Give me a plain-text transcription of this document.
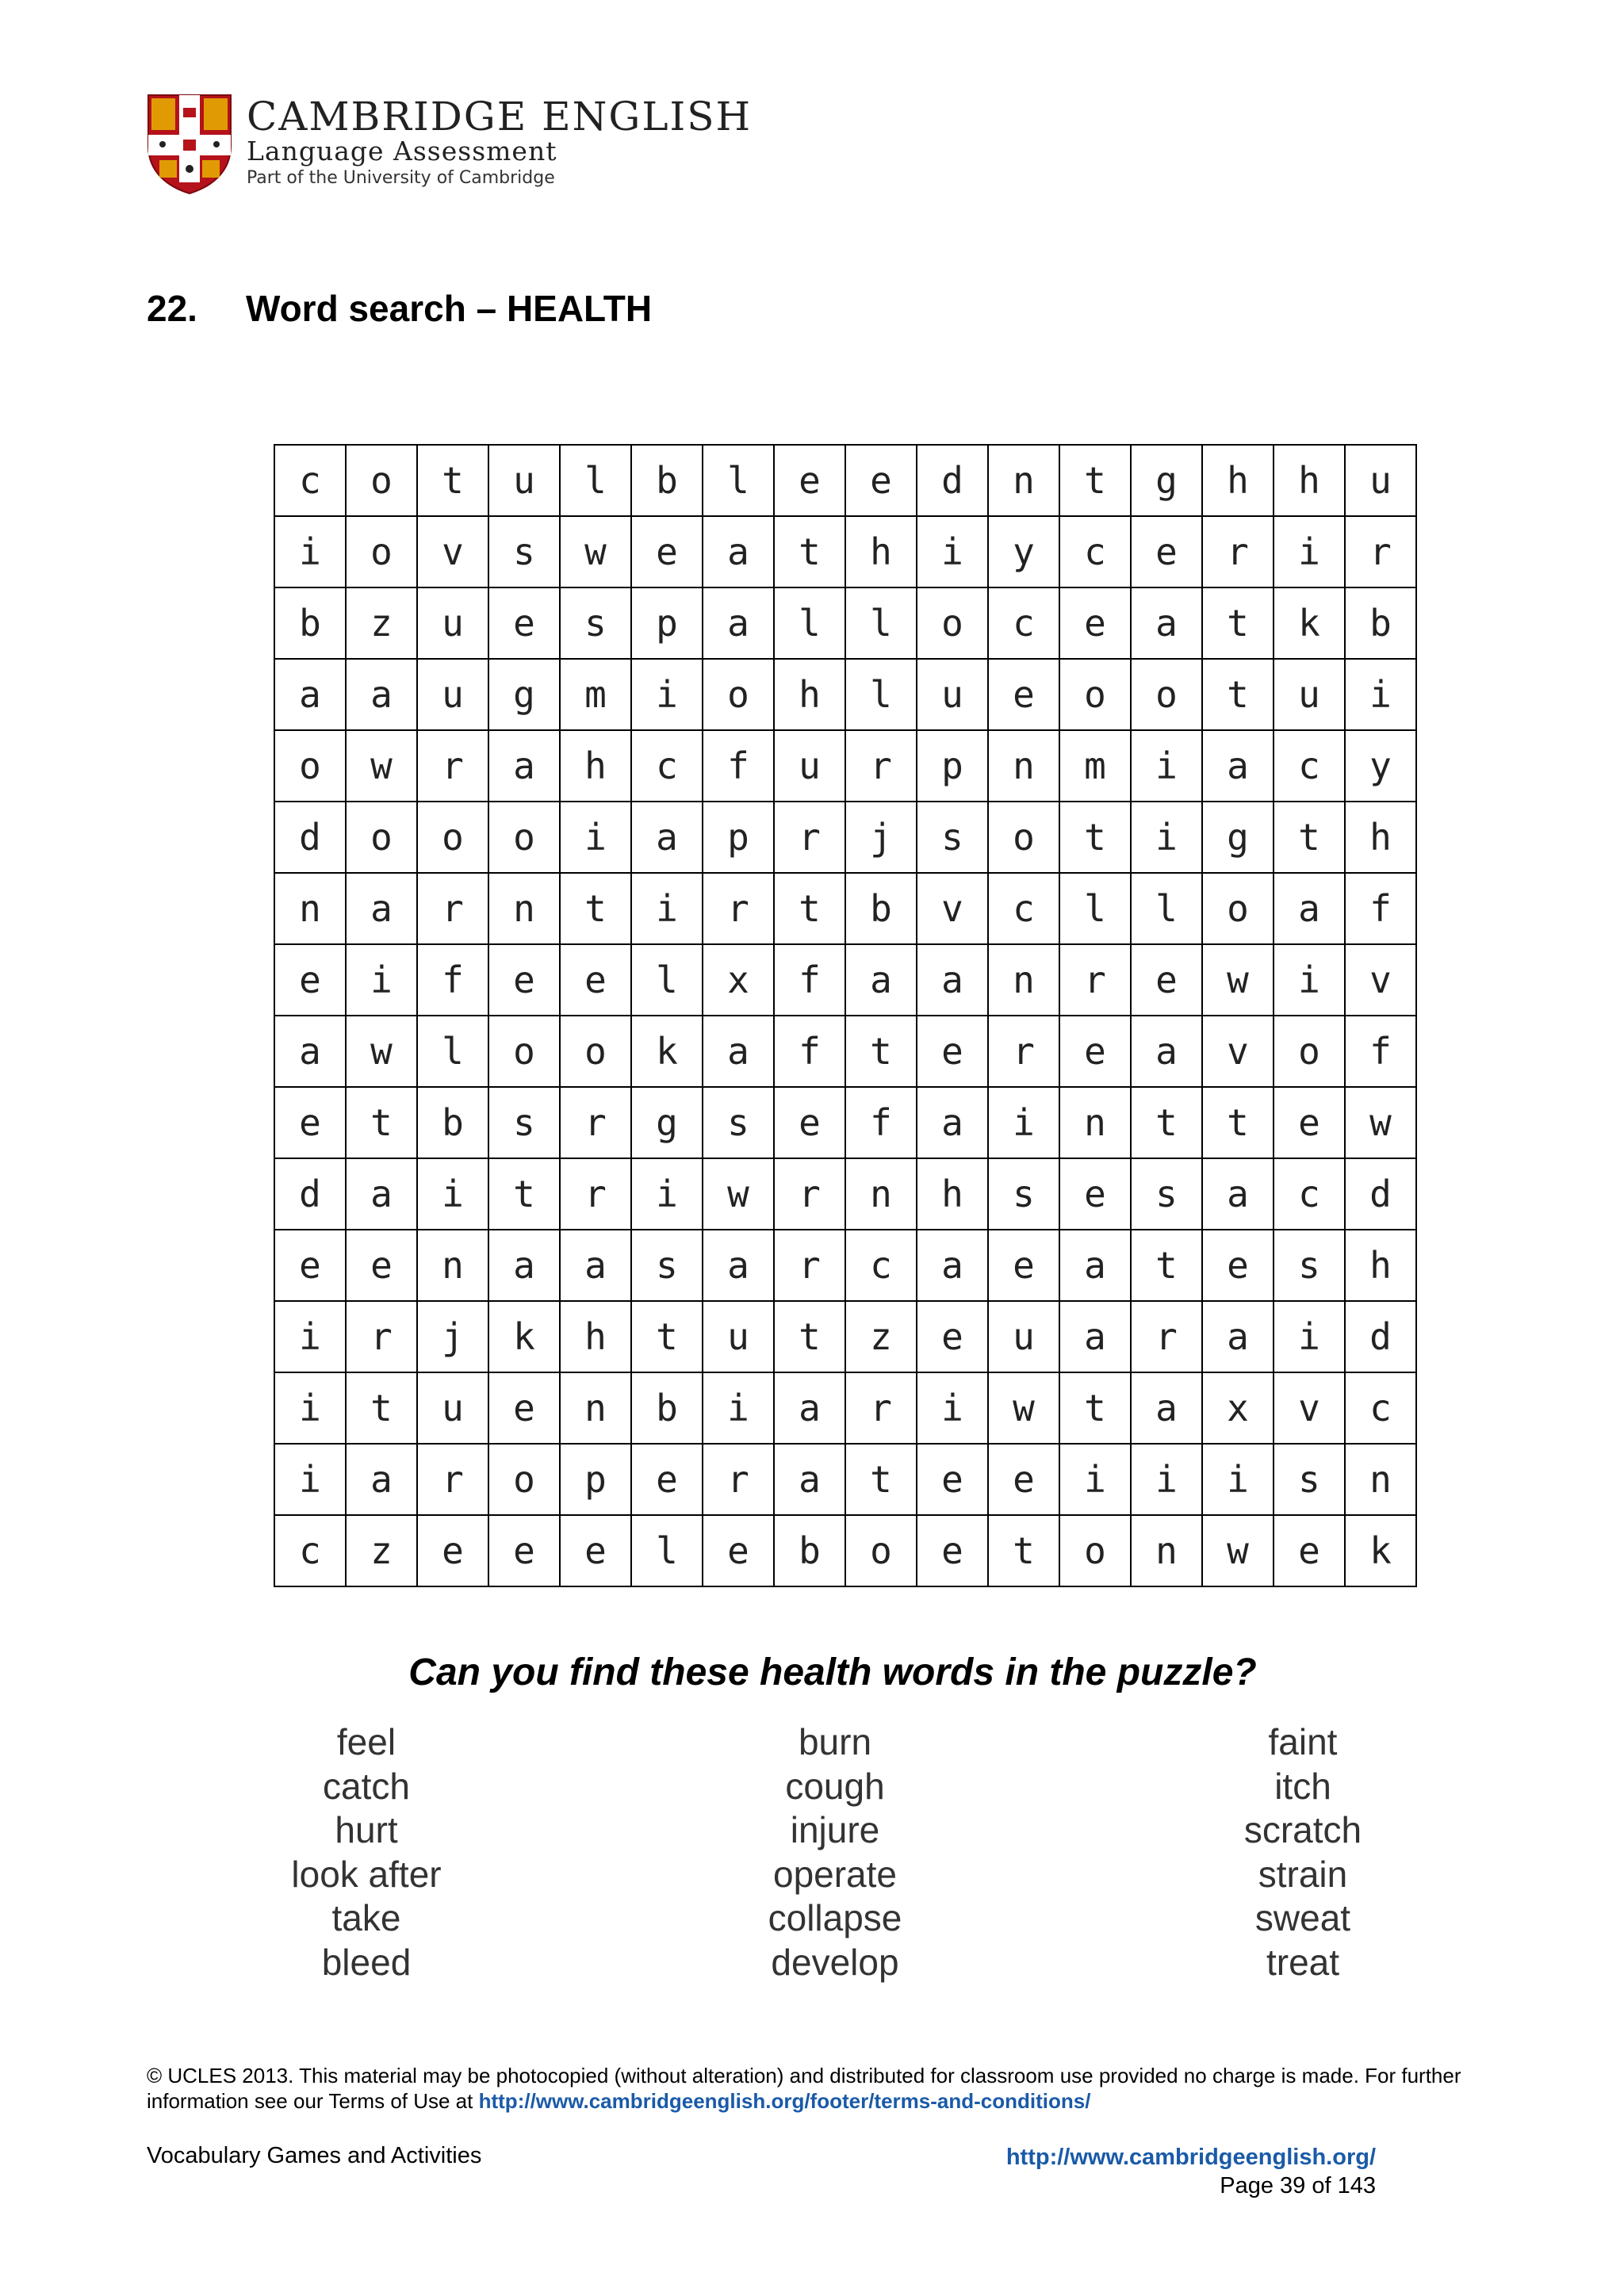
CAMBRIDGE ENGLISH
Language Assessment
Part of the University of Cambridge
22. Word search – HEALTH
c	o	t	u	l	b	l	e	e	d	n	t	g	h	h	u
i	o	v	s	w	e	a	t	h	i	y	c	e	r	i	r
b	z	u	e	s	p	a	l	l	o	c	e	a	t	k	b
a	a	u	g	m	i	o	h	l	u	e	o	o	t	u	i
o	w	r	a	h	c	f	u	r	p	n	m	i	a	c	y
d	o	o	o	i	a	p	r	j	s	o	t	i	g	t	h
n	a	r	n	t	i	r	t	b	v	c	l	l	o	a	f
e	i	f	e	e	l	x	f	a	a	n	r	e	w	i	v
a	w	l	o	o	k	a	f	t	e	r	e	a	v	o	f
e	t	b	s	r	g	s	e	f	a	i	n	t	t	e	w
d	a	i	t	r	i	w	r	n	h	s	e	s	a	c	d
e	e	n	a	a	s	a	r	c	a	e	a	t	e	s	h
i	r	j	k	h	t	u	t	z	e	u	a	r	a	i	d
i	t	u	e	n	b	i	a	r	i	w	t	a	x	v	c
i	a	r	o	p	e	r	a	t	e	e	i	i	i	s	n
c	z	e	e	e	l	e	b	o	e	t	o	n	w	e	k
Can you find these health words in the puzzle?
feel
catch
hurt
look after
take
bleed
burn
cough
injure
operate
collapse
develop
faint
itch
scratch
strain
sweat
treat
© UCLES 2013. This material may be photocopied (without alteration) and distributed for classroom use provided no charge is made. For further information see our Terms of Use at http://www.cambridgeenglish.org/footer/terms-and-conditions/
Vocabulary Games and Activities	http://www.cambridgeenglish.org/
Page 39 of 143
